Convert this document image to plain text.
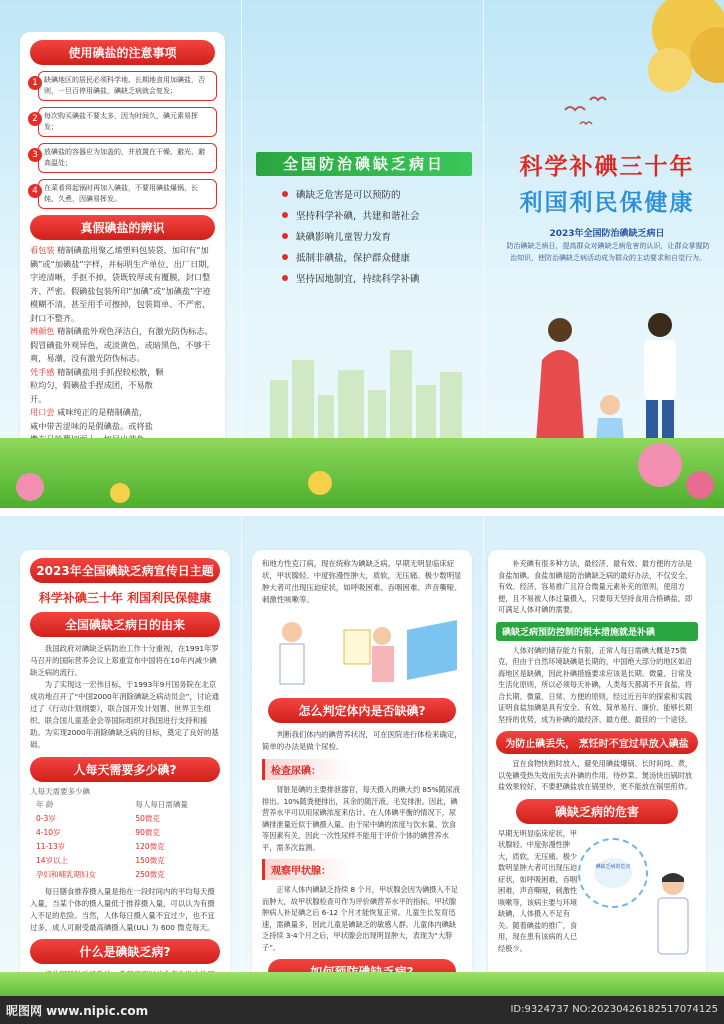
使用碘盐的注意事项
1 缺碘地区的居民必须科学地、长期地食用加碘盐，否则，一旦百停用碘盐，碘缺乏病就会复发；
2 每次购买碘盐不要太多，因为时间久，碘元素易挥发；
3 放碘盐的容器应为加盖的，并放置在干燥、避光、避高温处；
4 在菜肴将起锅时再加入碘盐，不要用碘盐爆锅，长炖、久煮，因碘易挥发。
真假碘盐的辨识

看包装 精制碘盐用聚乙烯塑料包装袋，加印有“加碘”或“加碘盐”字样，并标明生产单位、出厂日期，字迹清晰，手抠不掉，袋既较厚或有覆膜，封口整齐、严密。假碘盐包装所印“加碘”或“加碘盐”字迹模糊不清，甚至用手可擦掉，包装简单、不严密，封口不整齐。

辨颜色 精制碘盐外观色泽洁白，有激光防伪标志。假冒碘盐外观异色，或淡黄色，或暗黑色，不够干爽，易潮，没有激光防伪标志。

凭手感 精制碘盐用手抓捏较松散，颗粒均匀，假碘盐手捏成团，不易散开。

用口尝 咸味纯正的是精制碘盐，咸中带苦涩味的是假碘盐。或将盐

全国防治碘缺乏病日
碘缺乏危害是可以预防的
坚持科学补碘，共建和谐社会
缺碘影响儿童智力发育
抵制非碘盐，保护群众健康
坚持因地制宜，持续科学补碘
科学补碘三十年
利国利民保健康
2023年全国防治碘缺乏病日
防治碘缺乏病日，提高群众对碘缺乏病危害的认识，让群众掌握防治知识，使防治碘缺乏病活动成为群众的主动要求和自觉行为。
2023年全国碘缺乏病宣传日主题
科学补碘三十年 利国利民保健康
全国碘缺乏病日的由来

我国政府对碘缺乏病防治工作十分重视，在1991年罗马召开的国际营养会议上郑重宣布中国将在10年内减少碘缺乏病的流行。

为了实现这一宏伟目标，于1993年9月国务院在北京成功地召开了“中国2000年消除碘缺乏病动员会”，讨论通过了《行动计划纲要》，联合国开发计划署、世界卫生组织、联合国儿童基金会等国际组织对我国进行支持和援助。为实现2000年消除碘缺乏病的目标，奠定了良好的基础。

人每天需要多少碘?
人每天需要多少碘
年 龄	每人每日需碘量
0-3岁	50微克
4-10岁	90微克
11-13岁	120微克
14岁以上	150微克
孕妇和哺乳期妇女	250微克

每日膳食推荐摄入量是指在一段时间内的平均每天摄入量，当某个体的摄入量低于推荐摄入量，可以认为有摄入不足的危险。当然，人体每日摄入量不宜过少，也不宜过多，成人可耐受最高碘摄入量(UL) 为 600 微克每天。

什么是碘缺乏病?

和地方性克汀病，现在统称为碘缺乏病。早期无明显临床症状，甲状腺轻、中度弥漫性肿大，质软，无压痛。极少数明显肿大者可出现压迫症状，如呼吸困难、吞咽困难、声音嘶哑、刺激性咳嗽等。

怎么判定体内是否缺碘?

判断我们体内的碘营养状况，可在医院进行体检来确定，简单的办法是做个尿检。

检查尿碘：

肾脏是碘的主要排泄器官，每天摄入的碘大约 85%随尿液排出。10%随粪便排出，其余的随汗液、毛发排泄。因此，碘营养水平可以用尿碘浓度来估计。在人体碘平衡的情况下，尿碘排泄量近似于碘摄入量。由于尿中碘的浓度与饮水量、饮食等因素有关，因此一次性尿样不能用于评价个体的碘营养水平，需多次监测。

观察甲状腺：

正常人体内碘缺乏持续 8 个月，甲状腺会因为碘摄入不足而肿大，故甲状腺检查可作为评价碘营养水平的指标。甲状腺肿病人补足碘之后 6-12 个月才能恢复正常。儿童生长发育迅速，需碘量多，因此儿童是碘缺乏的敏感人群。儿童体内碘缺乏持续 3-4个月之后，甲状腺会出现明显肿大，表现为“大脖子”。

补充碘有很多种方法，最经济、最有效、最方便的方法是食盐加碘。食盐加碘是防治碘缺乏病的最好办法，不仅安全、有效、经济、容易推广且符合微量元素补充的原则，使用方便，且不易被人体过量摄入，只要每天坚持食用合格碘盐，即可满足人体对碘的需要。

碘缺乏病预防控制的根本措施就是补碘

人体对碘的储存能力有限，正常人每日需碘大概是75微克，但由于自然环境缺碘是长期的，中国绝大部分的地区如沿海地区是缺碘，因此补碘措施要求应该是长期、微量、日常及生活化原则，所以必须每天补碘，人类每天都离不开食盐，将合长期、微量、日常、方便的原则，经过近百年的探索和实践证明食盐加碘是具有安全、有效、简单易行、廉价、能够长期坚持的优势，成为补碘的最经济、最方便、最佳的一个途径。

为防止碘丢失， 烹饪时不宜过早放入碘盐

宜在食物快熟时放入，避免用碘盐爆锅、长时间炖、煮，以免碘受热失效而失去补碘的作用。待炒菜、煲汤快出锅时放盐效果较好，不要把碘盐放在锅里炒，更不能放在锅里煎炸。

碘缺乏病的危害

早期无明显临床症状，甲状腺轻、中度弥漫性肿大，质软，无压痛。极少数明显肿大者可出现压迫症状，如呼吸困难，吞咽困难，声音嘶哑，刺激性咳嗽等，该病主要与环境缺碘，人体摄入不足有关。随着碘盐的推广，食用，现在患有该病的人已经极少。

碘缺乏病的危害
昵图网 www.nipic.com	ID:9324737 NO:20230426182517074125
